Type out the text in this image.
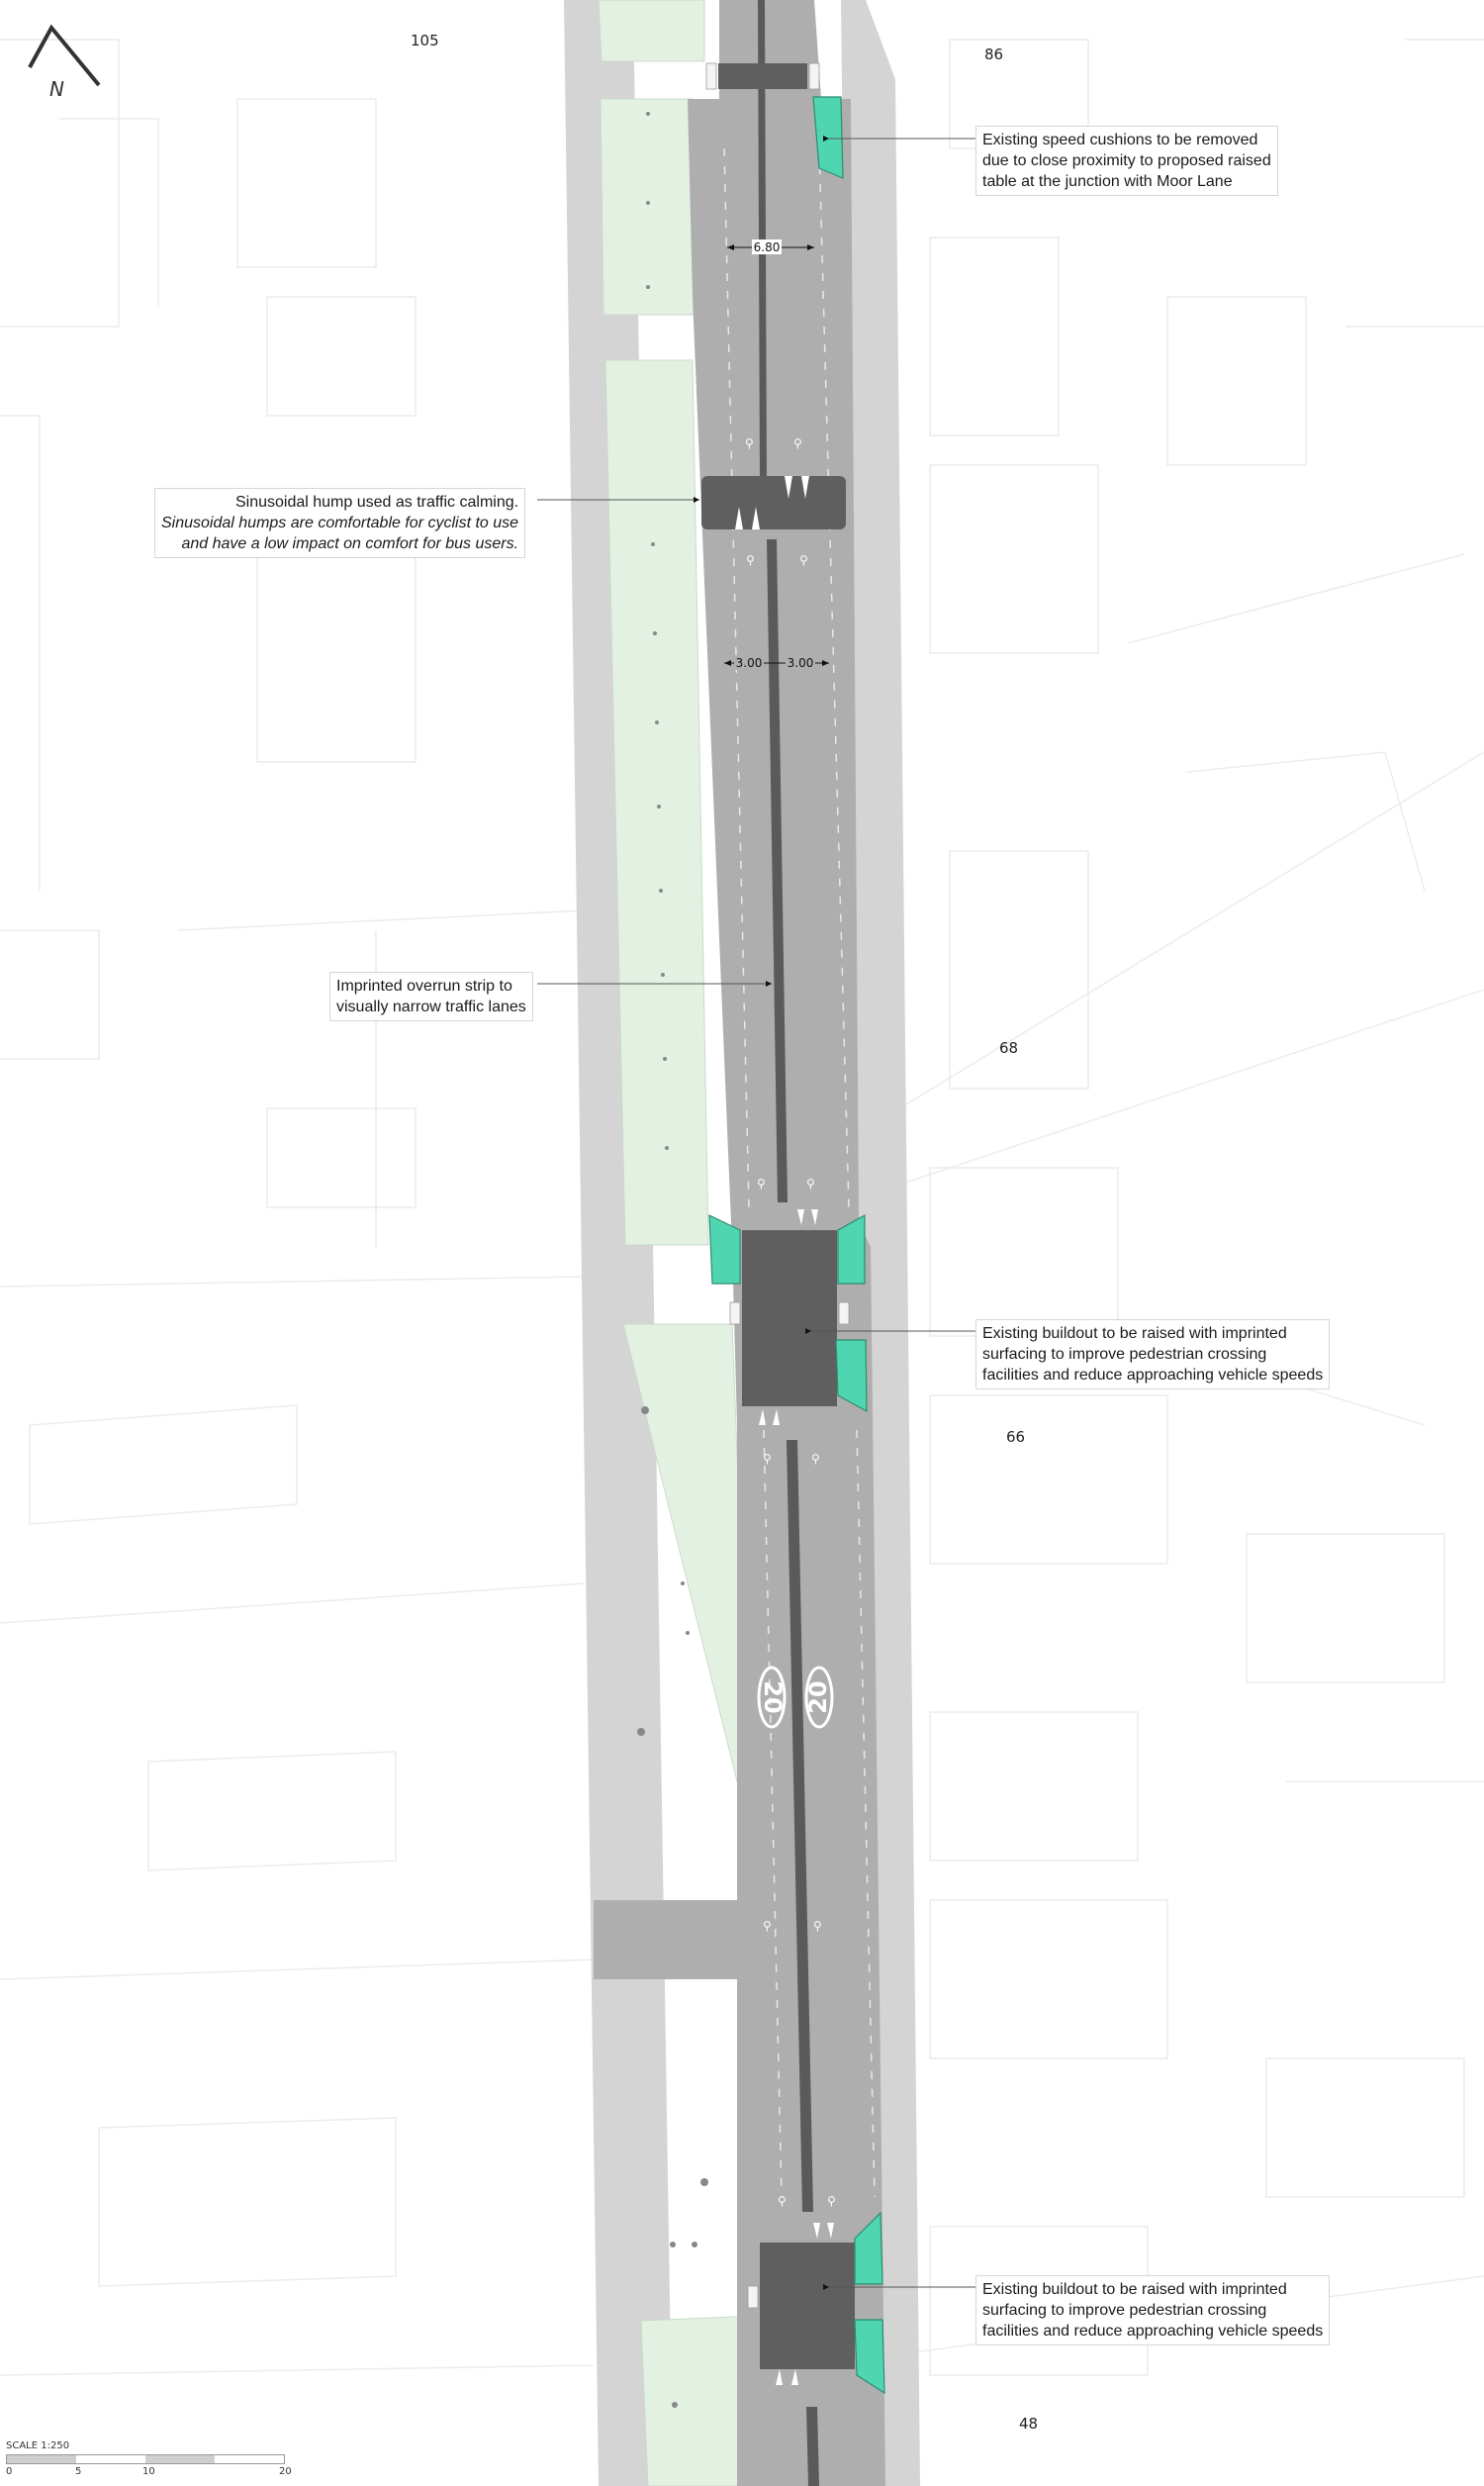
⚲	⚲
⚲	⚲
⚲	⚲
⚲	⚲
⚲	⚲
⚲	⚲
20 20
6.80
3.00 3.00
N
105
86
68
66
48
Existing speed cushions to be removed
due to close proximity to proposed raised
table at the junction with Moor Lane
Sinusoidal hump used as traffic calming.
Sinusoidal humps are comfortable for cyclist to use
and have a low impact on comfort for bus users.
Imprinted overrun strip to
visually narrow traffic lanes
Existing buildout to be raised with imprinted
surfacing to improve pedestrian crossing
facilities and reduce approaching vehicle speeds
Existing buildout to be raised with imprinted
surfacing to improve pedestrian crossing
facilities and reduce approaching vehicle speeds
SCALE 1:250
0	5	10	20
